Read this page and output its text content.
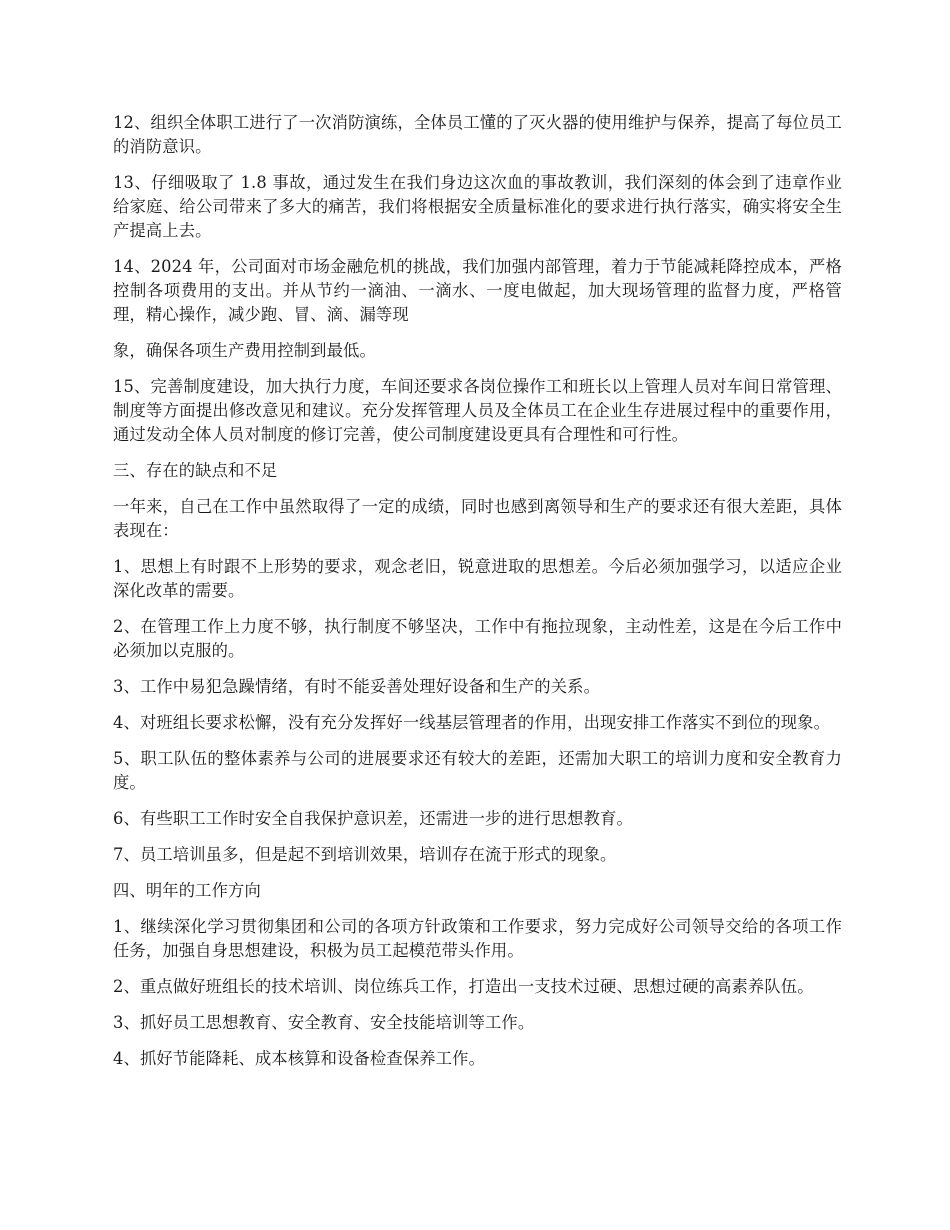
12、组织全体职工进行了一次消防演练，全体员工懂的了灭火器的使用维护与保养，提高了每位员工的消防意识。

13、仔细吸取了 1.8 事故，通过发生在我们身边这次血的事故教训，我们深刻的体会到了违章作业给家庭、给公司带来了多大的痛苦，我们将根据安全质量标准化的要求进行执行落实，确实将安全生产提高上去。

14、2024 年，公司面对市场金融危机的挑战，我们加强内部管理，着力于节能减耗降控成本，严格控制各项费用的支出。并从节约一滴油、一滴水、一度电做起，加大现场管理的监督力度，严格管理，精心操作，减少跑、冒、滴、漏等现

象，确保各项生产费用控制到最低。

15、完善制度建设，加大执行力度，车间还要求各岗位操作工和班长以上管理人员对车间日常管理、制度等方面提出修改意见和建议。充分发挥管理人员及全体员工在企业生存进展过程中的重要作用，通过发动全体人员对制度的修订完善，使公司制度建设更具有合理性和可行性。

三、存在的缺点和不足

一年来，自己在工作中虽然取得了一定的成绩，同时也感到离领导和生产的要求还有很大差距，具体表现在：

1、思想上有时跟不上形势的要求，观念老旧，锐意进取的思想差。今后必须加强学习，以适应企业深化改革的需要。

2、在管理工作上力度不够，执行制度不够坚决，工作中有拖拉现象，主动性差，这是在今后工作中必须加以克服的。

3、工作中易犯急躁情绪，有时不能妥善处理好设备和生产的关系。

4、对班组长要求松懈，没有充分发挥好一线基层管理者的作用，出现安排工作落实不到位的现象。

5、职工队伍的整体素养与公司的进展要求还有较大的差距，还需加大职工的培训力度和安全教育力度。

6、有些职工工作时安全自我保护意识差，还需进一步的进行思想教育。

7、员工培训虽多，但是起不到培训效果，培训存在流于形式的现象。

四、明年的工作方向

1、继续深化学习贯彻集团和公司的各项方针政策和工作要求，努力完成好公司领导交给的各项工作任务，加强自身思想建设，积极为员工起模范带头作用。

2、重点做好班组长的技术培训、岗位练兵工作，打造出一支技术过硬、思想过硬的高素养队伍。

3、抓好员工思想教育、安全教育、安全技能培训等工作。

4、抓好节能降耗、成本核算和设备检查保养工作。
